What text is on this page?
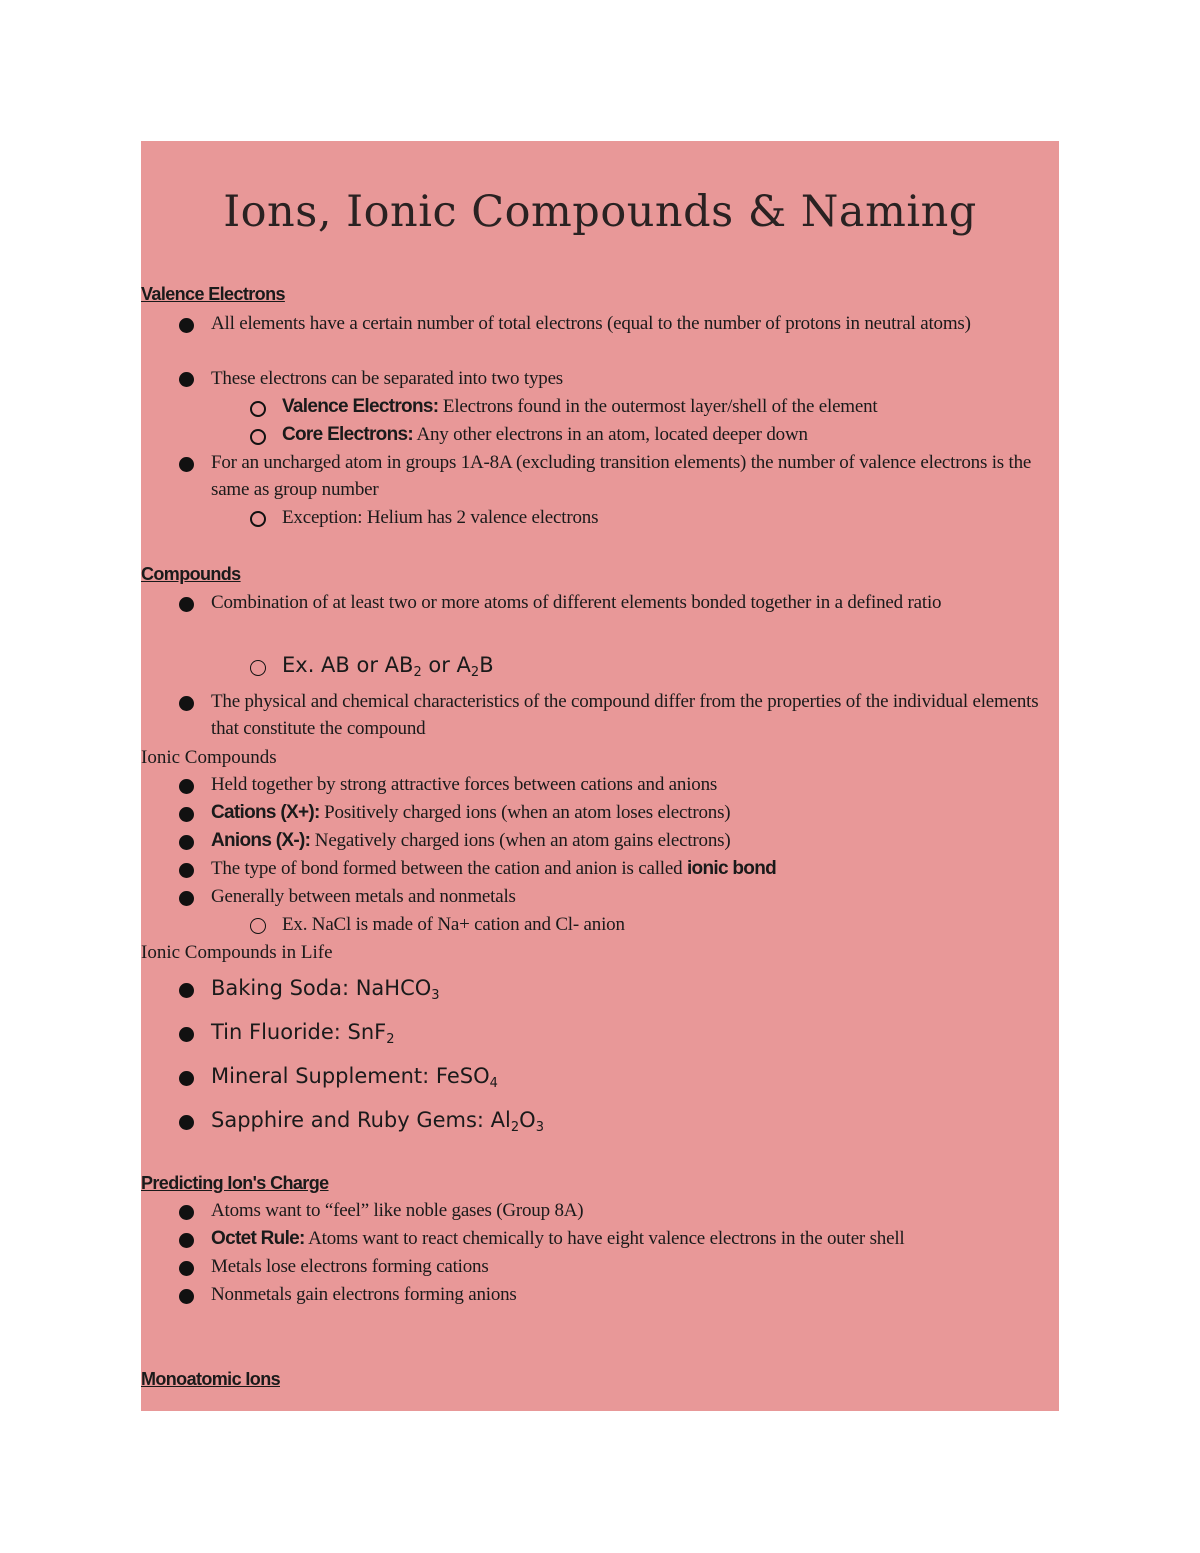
Ions, Ionic Compounds & Naming
Valence Electrons
All elements have a certain number of total electrons (equal to the number of protons in neutral atoms)
These electrons can be separated into two types
Valence Electrons: Electrons found in the outermost layer/shell of the element
Core Electrons: Any other electrons in an atom, located deeper down
For an uncharged atom in groups 1A-8A (excluding transition elements) the number of valence electrons is the same as group number
Exception: Helium has 2 valence electrons
Compounds
Combination of at least two or more atoms of different elements bonded together in a defined ratio
Ex. AB or $AB_2$ or $A_2B$
The physical and chemical characteristics of the compound differ from the properties of the individual elements that constitute the compound
Ionic Compounds
Held together by strong attractive forces between cations and anions
Cations (X+): Positively charged ions (when an atom loses electrons)
Anions (X-): Negatively charged ions (when an atom gains electrons)
The type of bond formed between the cation and anion is called ionic bond
Generally between metals and nonmetals
Ex. NaCl is made of Na+ cation and Cl- anion
Ionic Compounds in Life
Baking Soda: NaHCO$_3$
Tin Fluoride: SnF$_2$
Mineral Supplement: FeSO$_4$
Sapphire and Ruby Gems: $Al_2O_3$
Predicting Ion's Charge
Atoms want to “feel” like noble gases (Group 8A)
Octet Rule: Atoms want to react chemically to have eight valence electrons in the outer shell
Metals lose electrons forming cations
Nonmetals gain electrons forming anions
Monoatomic Ions
